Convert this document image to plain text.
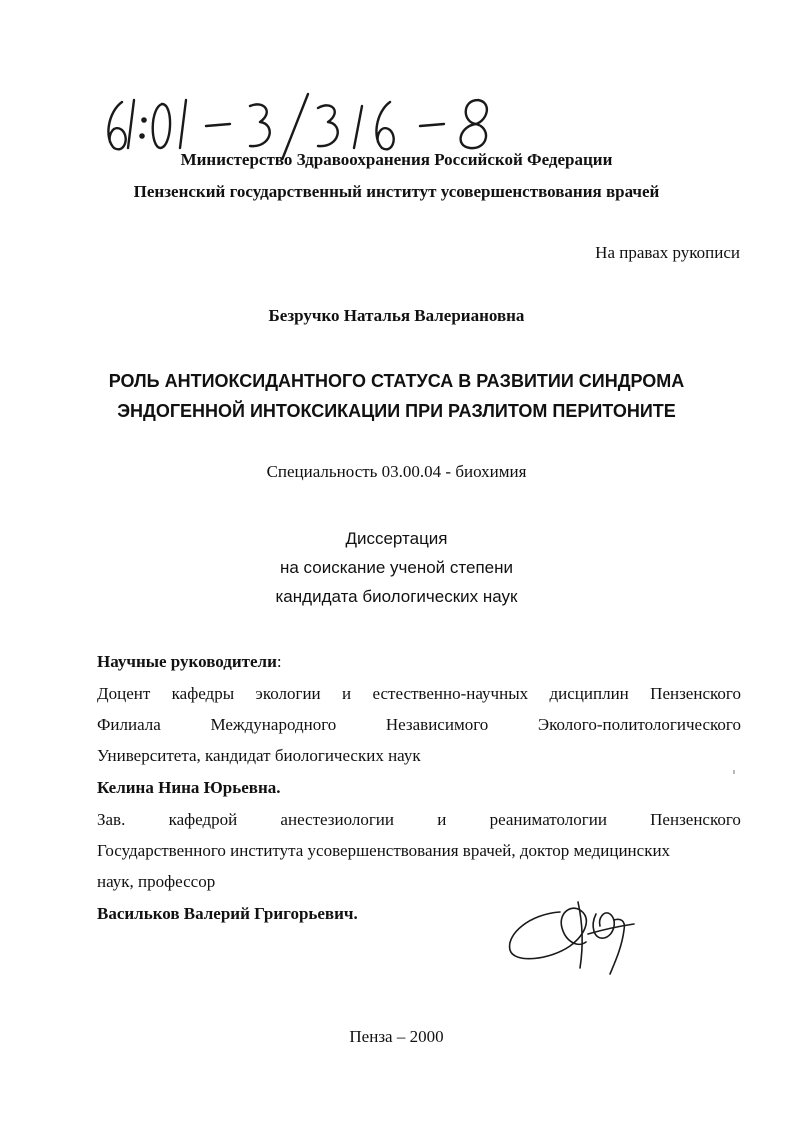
Министерство Здравоохранения Российской Федерации
Пензенский государственный институт усовершенствования врачей
На правах рукописи
Безручко Наталья Валериановна
РОЛЬ АНТИОКСИДАНТНОГО СТАТУСА В РАЗВИТИИ СИНДРОМА
ЭНДОГЕННОЙ ИНТОКСИКАЦИИ ПРИ РАЗЛИТОМ ПЕРИТОНИТЕ
Специальность 03.00.04 - биохимия
Диссертация
на соискание ученой степени
кандидата биологических наук
Научные руководители:
Доцент кафедры экологии и естественно-научных дисциплин Пензенского
Филиала	Международного	Независимого	Эколого-политологического
Университета, кандидат биологических наук
Келина Нина Юрьевна.
Зав.	кафедрой	анестезиологии	и	реаниматологии	Пензенского
Государственного института усовершенствования врачей, доктор медицинских
наук, профессор
Васильков Валерий Григорьевич.
Пенза – 2000
